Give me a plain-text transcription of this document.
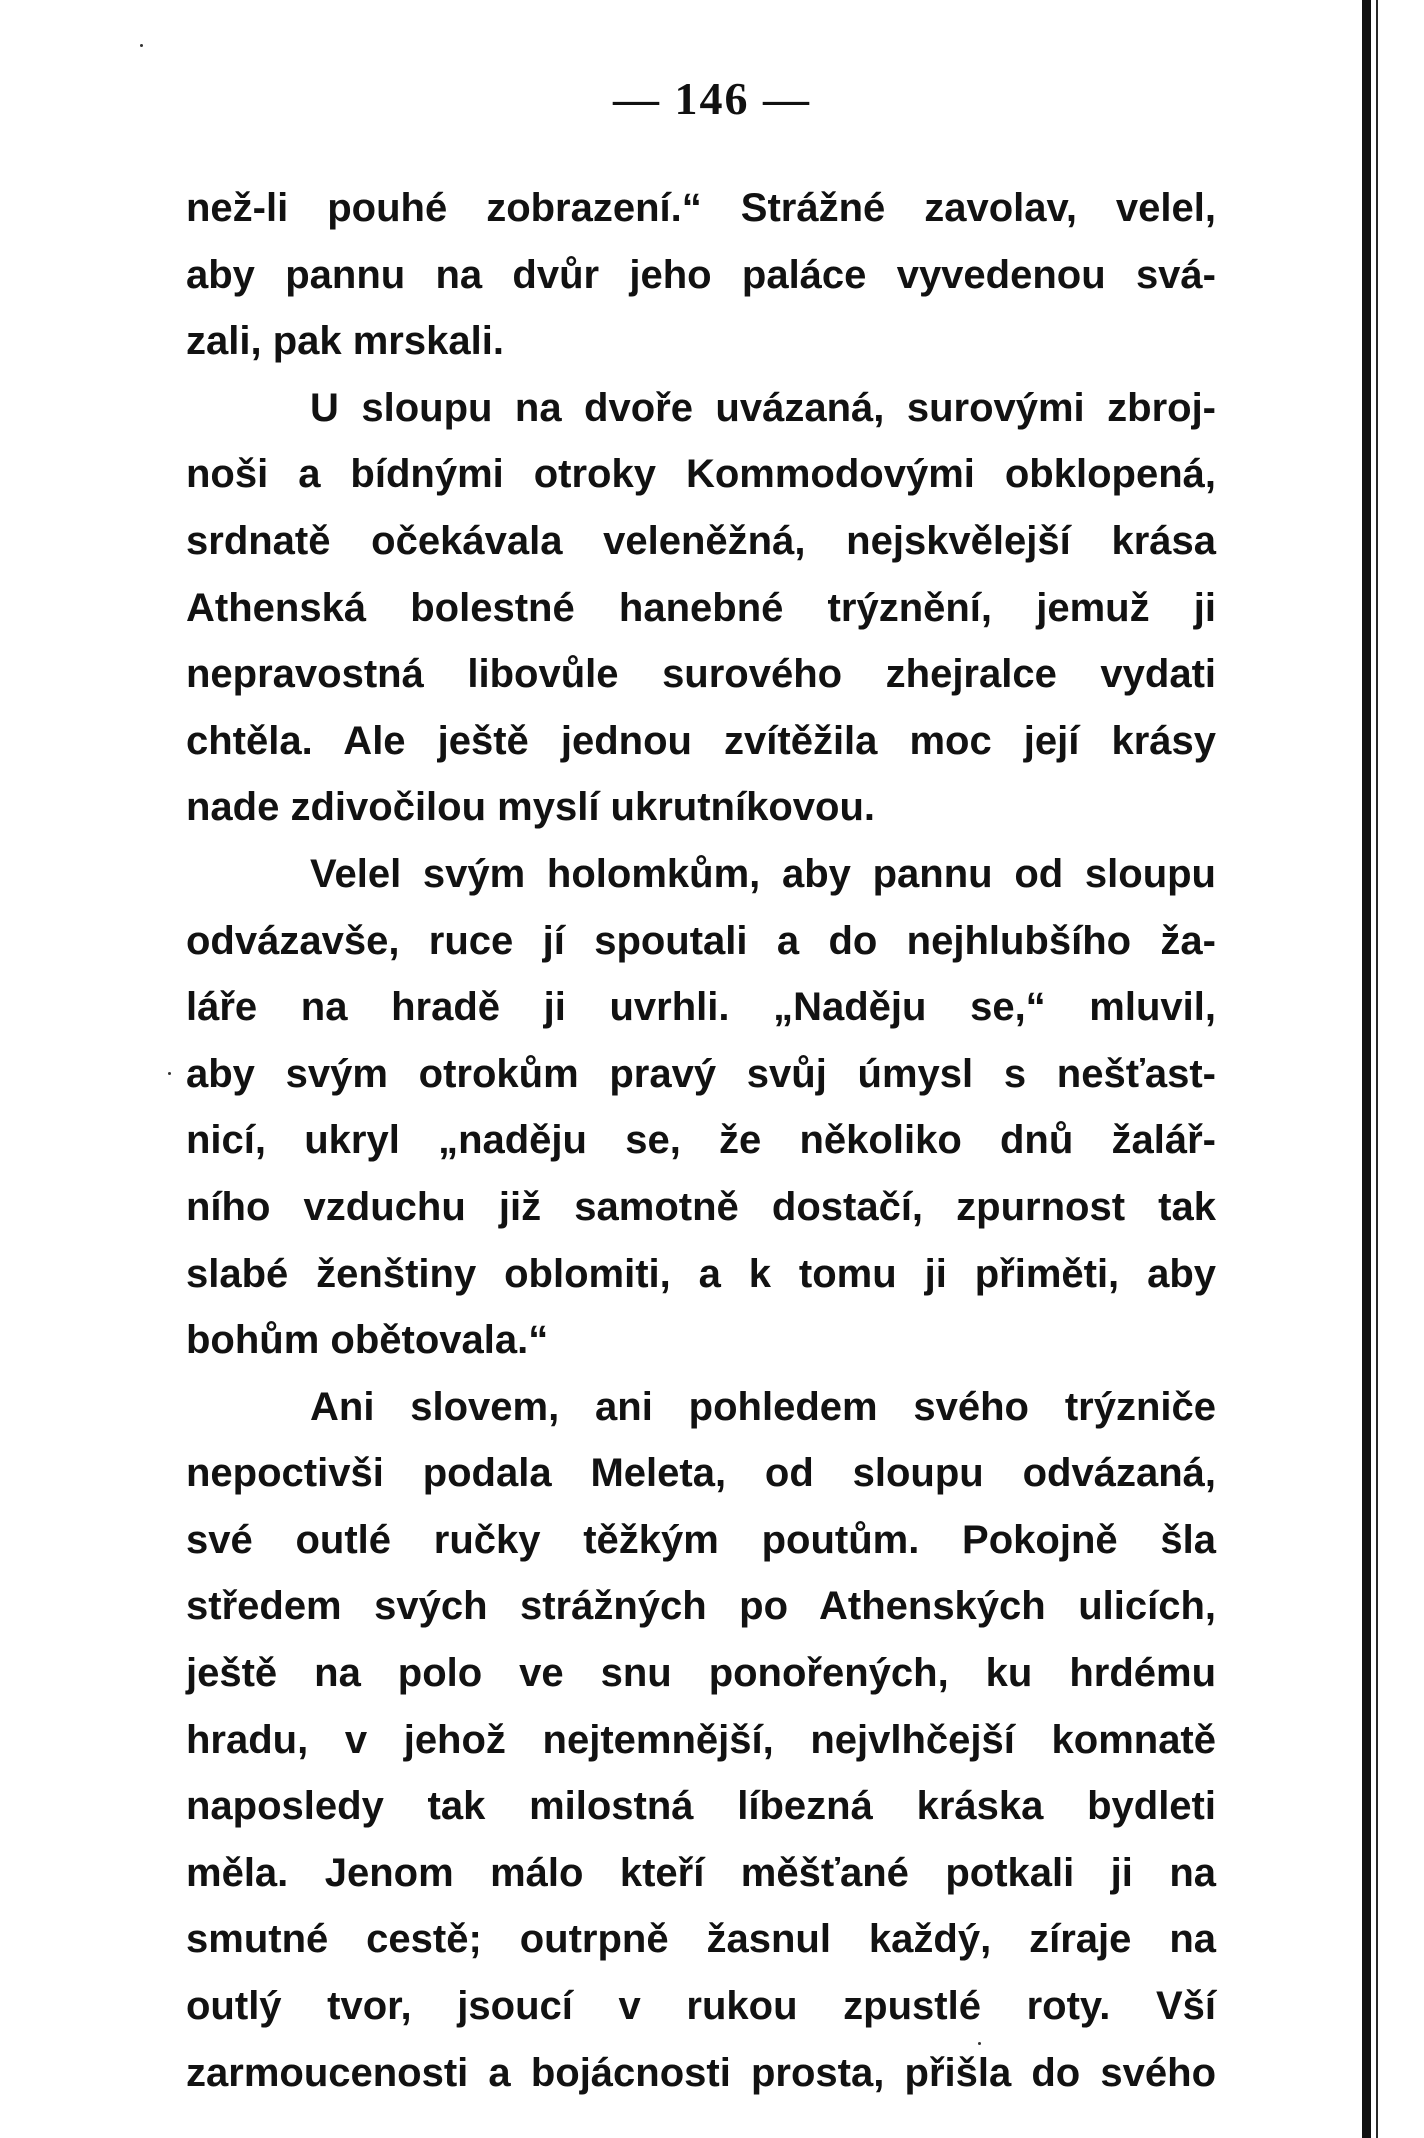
— 146 —
než-li pouhé zobrazení.“ Strážné zavolav, velel,
aby pannu na dvůr jeho paláce vyvedenou svá-
zali, pak mrskali.
U sloupu na dvoře uvázaná, surovými zbroj-
noši a bídnými otroky Kommodovými obklopená,
srdnatě očekávala veleněžná, nejskvělejší krása
Athenská bolestné hanebné trýznění, jemuž ji
nepravostná libovůle surového zhejralce vydati
chtěla. Ale ještě jednou zvítěžila moc její krásy
nade zdivočilou myslí ukrutníkovou.
Velel svým holomkům, aby pannu od sloupu
odvázavše, ruce jí spoutali a do nejhlubšího ža-
láře na hradě ji uvrhli. „Naděju se,“ mluvil,
aby svým otrokům pravý svůj úmysl s nešťast-
nicí, ukryl „naděju se, že několiko dnů žalář-
ního vzduchu již samotně dostačí, zpurnost tak
slabé ženštiny oblomiti, a k tomu ji přiměti, aby
bohům obětovala.“
Ani slovem, ani pohledem svého trýzniče
nepoctivši podala Meleta, od sloupu odvázaná,
své outlé ručky těžkým poutům. Pokojně šla
středem svých strážných po Athenských ulicích,
ještě na polo ve snu ponořených, ku hrdému
hradu, v jehož nejtemnější, nejvlhčejší komnatě
naposledy tak milostná líbezná kráska bydleti
měla. Jenom málo kteří měšťané potkali ji na
smutné cestě; outrpně žasnul každý, zíraje na
outlý tvor, jsoucí v rukou zpustlé roty. Vší
zarmoucenosti a bojácnosti prosta, přišla do svého
